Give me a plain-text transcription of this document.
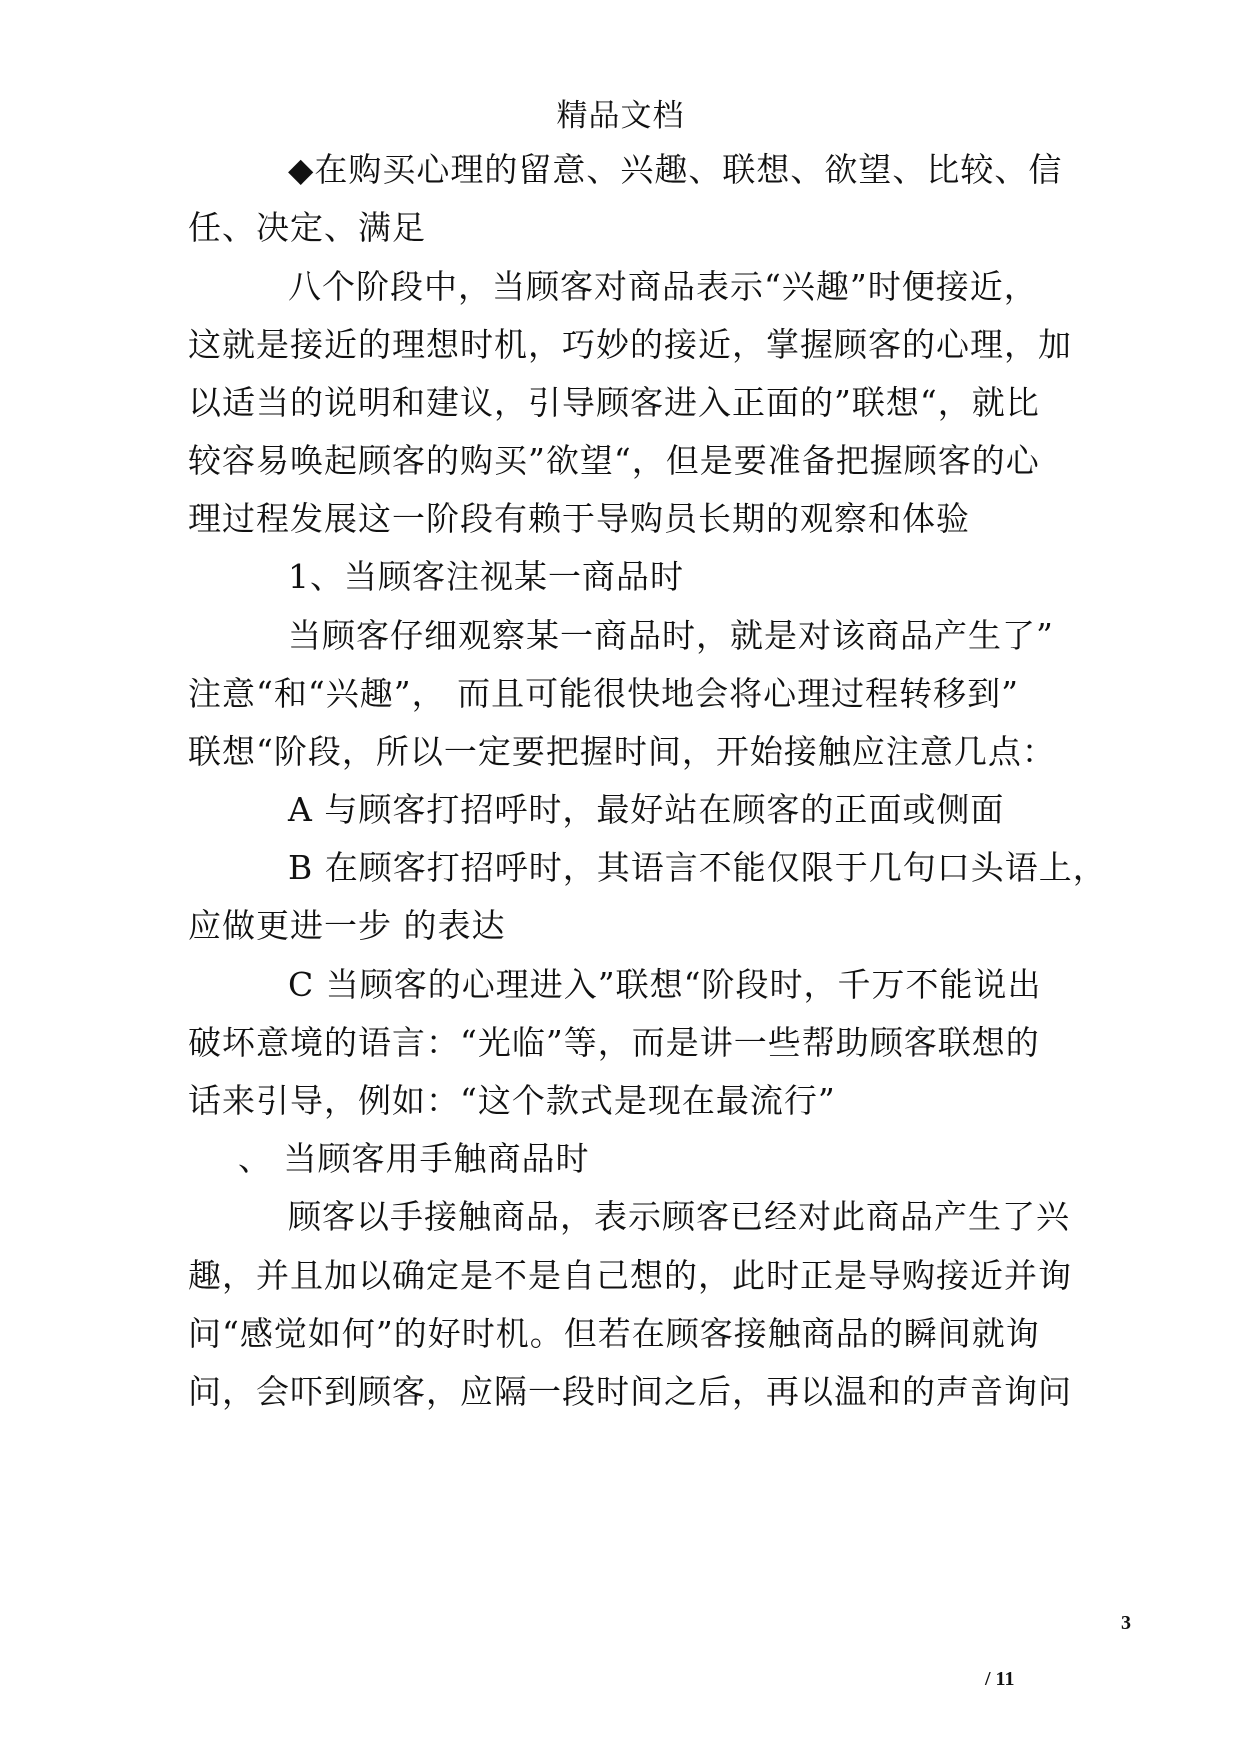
精品文档
◆在购买心理的留意、兴趣、联想、欲望、比较、信
任、决定、满足
八个阶段中，当顾客对商品表示“兴趣”时便接近，
这就是接近的理想时机，巧妙的接近，掌握顾客的心理，加
以适当的说明和建议，引导顾客进入正面的”联想“，就比
较容易唤起顾客的购买”欲望“，但是要准备把握顾客的心
理过程发展这一阶段有赖于导购员长期的观察和体验
1、当顾客注视某一商品时
当顾客仔细观察某一商品时，就是对该商品产生了”
注意“和“兴趣”， 而且可能很快地会将心理过程转移到”
联想“阶段，所以一定要把握时间，开始接触应注意几点：
A 与顾客打招呼时，最好站在顾客的正面或侧面
B 在顾客打招呼时，其语言不能仅限于几句口头语上，
应做更进一步 的表达
C 当顾客的心理进入”联想“阶段时，千万不能说出
破坏意境的语言：“光临”等，而是讲一些帮助顾客联想的
话来引导，例如：“这个款式是现在最流行”
、 当顾客用手触商品时
顾客以手接触商品，表示顾客已经对此商品产生了兴
趣，并且加以确定是不是自己想的，此时正是导购接近并询
问“感觉如何”的好时机。但若在顾客接触商品的瞬间就询
问，会吓到顾客，应隔一段时间之后，再以温和的声音询问
3
/ 11
